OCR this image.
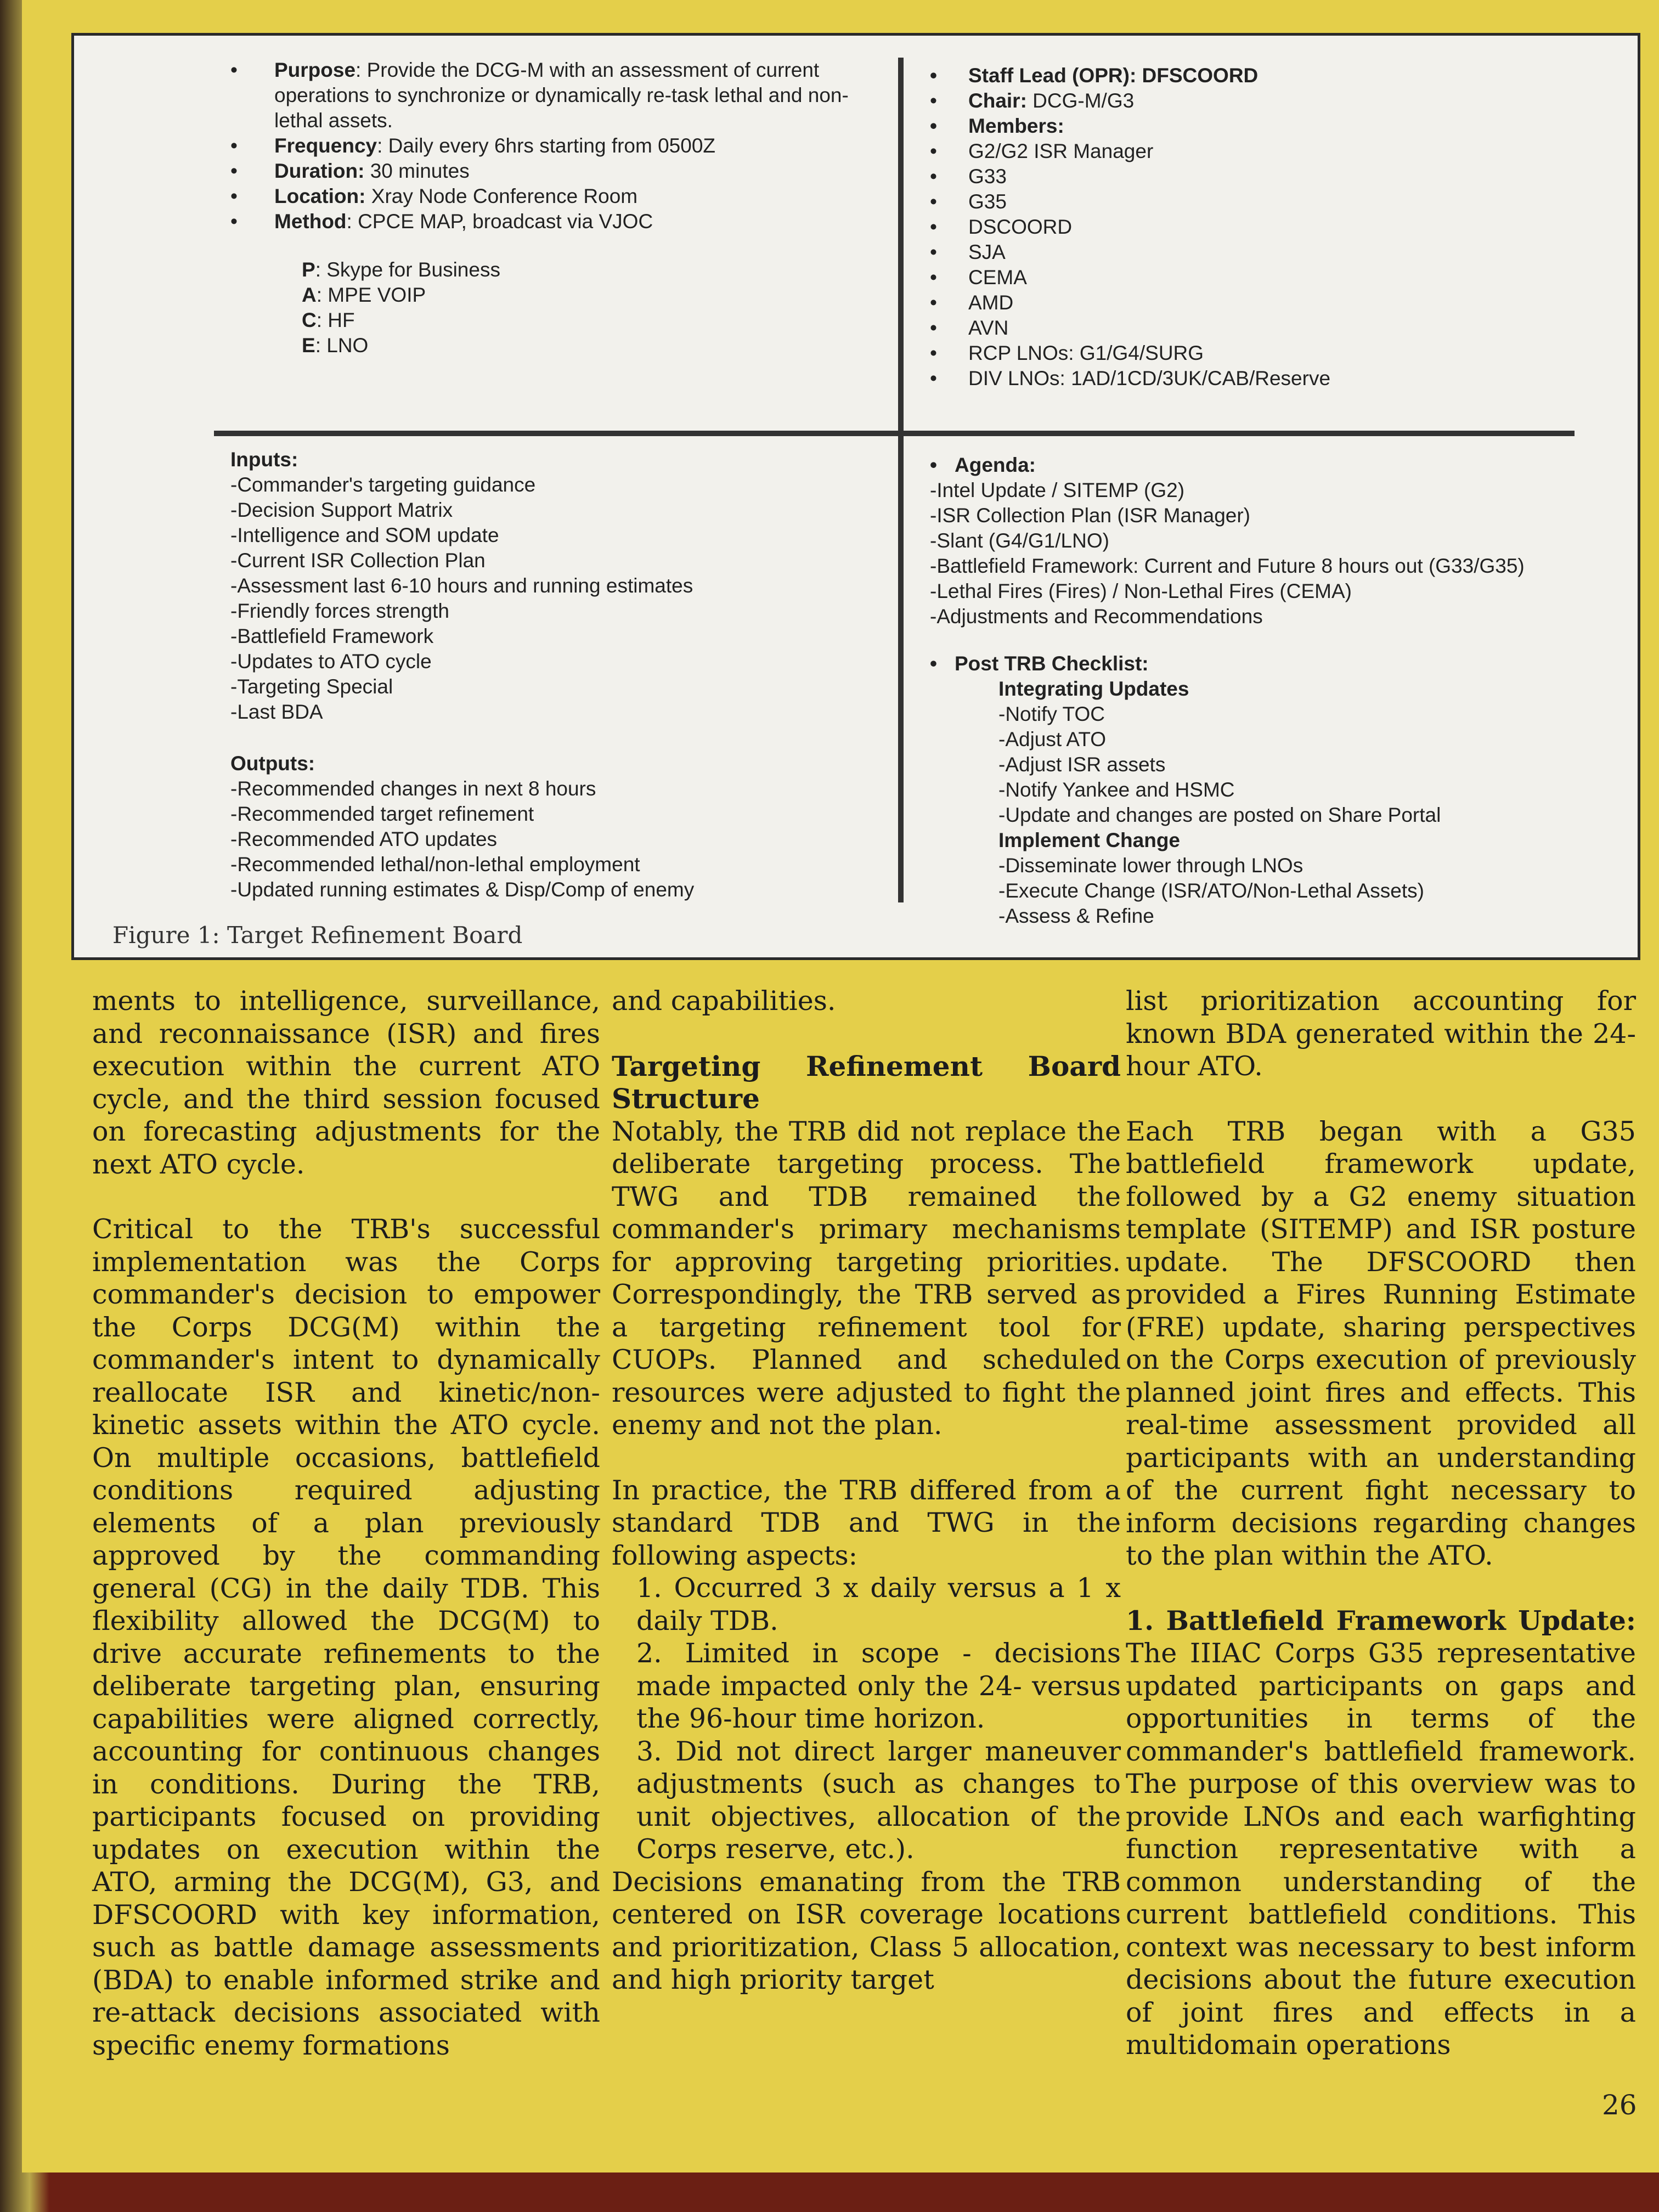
• Purpose: Provide the DCG-M with an assessment of current operations to synchronize or dynamically re-task lethal and non-lethal assets.
• Frequency: Daily every 6hrs starting from 0500Z
• Duration: 30 minutes
• Location: Xray Node Conference Room
• Method: CPCE MAP, broadcast via VJOC
P: Skype for Business
A: MPE VOIP
C: HF
E: LNO
• Staff Lead (OPR): DFSCOORD
• Chair: DCG-M/G3
• Members:
• G2/G2 ISR Manager
• G33
• G35
• DSCOORD
• SJA
• CEMA
• AMD
• AVN
• RCP LNOs: G1/G4/SURG
• DIV LNOs: 1AD/1CD/3UK/CAB/Reserve
Inputs:
-Commander's targeting guidance
-Decision Support Matrix
-Intelligence and SOM update
-Current ISR Collection Plan
-Assessment last 6-10 hours and running estimates
-Friendly forces strength
-Battlefield Framework
-Updates to ATO cycle
-Targeting Special
-Last BDA
Outputs:
-Recommended changes in next 8 hours
-Recommended target refinement
-Recommended ATO updates
-Recommended lethal/non-lethal employment
-Updated running estimates & Disp/Comp of enemy
• Agenda:
-Intel Update / SITEMP (G2)
-ISR Collection Plan (ISR Manager)
-Slant (G4/G1/LNO)
-Battlefield Framework: Current and Future 8 hours out (G33/G35)
-Lethal Fires (Fires) / Non-Lethal Fires (CEMA)
-Adjustments and Recommendations
• Post TRB Checklist:
Integrating Updates
-Notify TOC
-Adjust ATO
-Adjust ISR assets
-Notify Yankee and HSMC
-Update and changes are posted on Share Portal
Implement Change
-Disseminate lower through LNOs
-Execute Change (ISR/ATO/Non-Lethal Assets)
-Assess & Refine
Figure 1: Target Refinement Board

ments to intelligence, surveillance, and reconnaissance (ISR) and fires execution within the current ATO cycle, and the third session focused on forecasting adjustments for the next ATO cycle.

Critical to the TRB's successful implementation was the Corps commander's decision to empower the Corps DCG(M) within the commander's intent to dynamically reallocate ISR and kinetic/non-kinetic assets within the ATO cycle. On multiple occasions, battlefield conditions required adjusting elements of a plan previously approved by the commanding general (CG) in the daily TDB. This flexibility allowed the DCG(M) to drive accurate refinements to the deliberate targeting plan, ensuring capabilities were aligned correctly, accounting for continuous changes in conditions. During the TRB, participants focused on providing updates on execution within the ATO, arming the DCG(M), G3, and DFSCOORD with key information, such as battle damage assessments (BDA) to enable informed strike and re-attack decisions associated with specific enemy formations

and capabilities.

Targeting Refinement Board Structure

Notably, the TRB did not replace the deliberate targeting process. The TWG and TDB remained the commander's primary mechanisms for approving targeting priorities. Correspondingly, the TRB served as a targeting refinement tool for CUOPs. Planned and scheduled resources were adjusted to fight the enemy and not the plan.

In practice, the TRB differed from a standard TDB and TWG in the following aspects:

1. Occurred 3 x daily versus a 1 x daily TDB.

2. Limited in scope - decisions made impacted only the 24- versus the 96-hour time horizon.

3. Did not direct larger maneuver adjustments (such as changes to unit objectives, allocation of the Corps reserve, etc.).

Decisions emanating from the TRB centered on ISR coverage locations and prioritization, Class 5 allocation, and high priority target

list prioritization accounting for known BDA generated within the 24-hour ATO.

Each TRB began with a G35 battlefield framework update, followed by a G2 enemy situation template (SITEMP) and ISR posture update. The DFSCOORD then provided a Fires Running Estimate (FRE) update, sharing perspectives on the Corps execution of previously planned joint fires and effects. This real-time assessment provided all participants with an understanding of the current fight necessary to inform decisions regarding changes to the plan within the ATO.

1. Battlefield Framework Update: The IIIAC Corps G35 representative updated participants on gaps and opportunities in terms of the commander's battlefield framework. The purpose of this overview was to provide LNOs and each warfighting function representative with a common understanding of the current battlefield conditions. This context was necessary to best inform decisions about the future execution of joint fires and effects in a multidomain operations

26
